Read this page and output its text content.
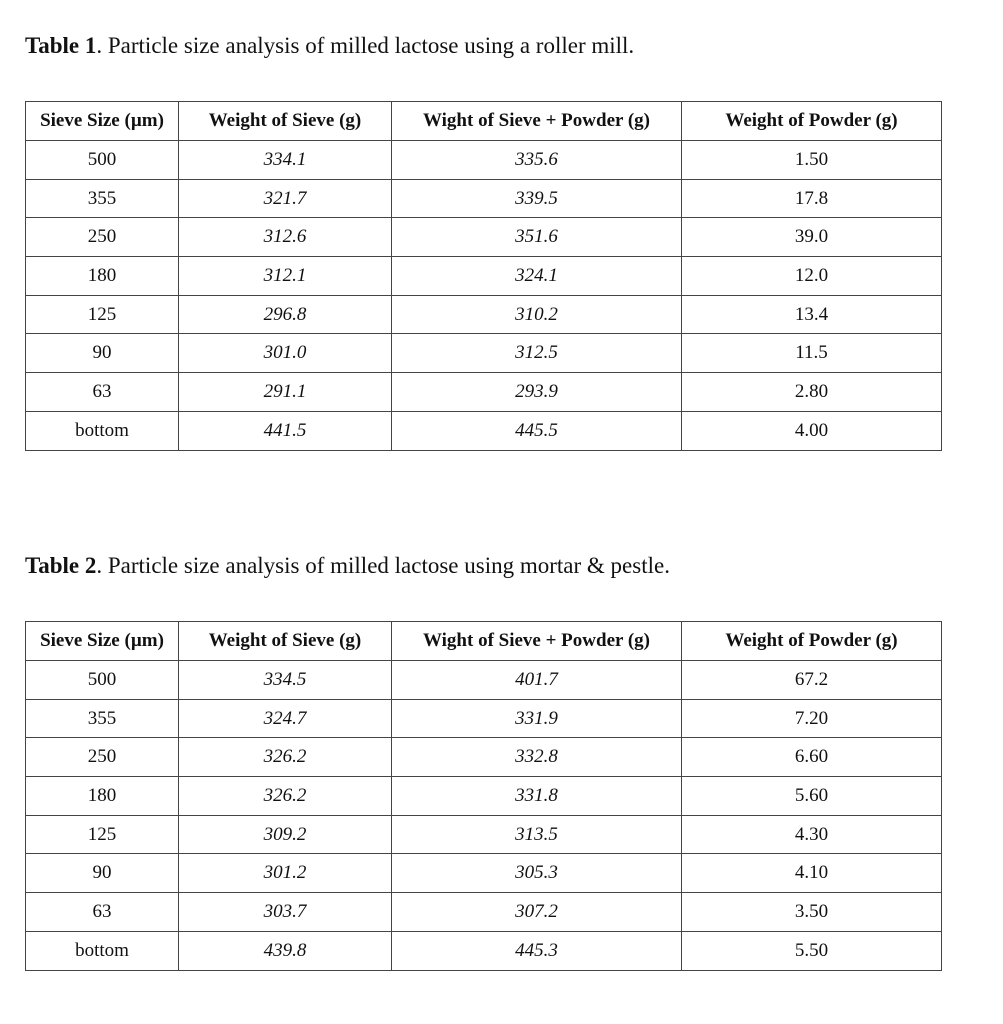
Table 1. Particle size analysis of milled lactose using a roller mill.
Sieve Size (µm)	Weight of Sieve (g)	Wight of Sieve + Powder (g)	Weight of Powder (g)
500	334.1	335.6	1.50
355	321.7	339.5	17.8
250	312.6	351.6	39.0
180	312.1	324.1	12.0
125	296.8	310.2	13.4
90	301.0	312.5	11.5
63	291.1	293.9	2.80
bottom	441.5	445.5	4.00
Table 2. Particle size analysis of milled lactose using mortar & pestle.
Sieve Size (µm)	Weight of Sieve (g)	Wight of Sieve + Powder (g)	Weight of Powder (g)
500	334.5	401.7	67.2
355	324.7	331.9	7.20
250	326.2	332.8	6.60
180	326.2	331.8	5.60
125	309.2	313.5	4.30
90	301.2	305.3	4.10
63	303.7	307.2	3.50
bottom	439.8	445.3	5.50
